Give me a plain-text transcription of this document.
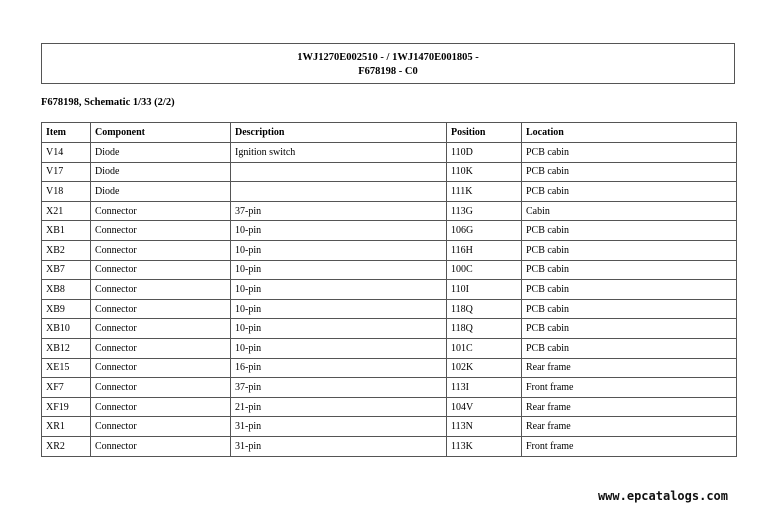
1WJ1270E002510 - / 1WJ1470E001805 -
F678198 - C0
F678198, Schematic 1/33 (2/2)
Item	Component	Description	Position	Location
V14	Diode	Ignition switch	110D	PCB cabin
V17	Diode		110K	PCB cabin
V18	Diode		111K	PCB cabin
X21	Connector	37-pin	113G	Cabin
XB1	Connector	10-pin	106G	PCB cabin
XB2	Connector	10-pin	116H	PCB cabin
XB7	Connector	10-pin	100C	PCB cabin
XB8	Connector	10-pin	110I	PCB cabin
XB9	Connector	10-pin	118Q	PCB cabin
XB10	Connector	10-pin	118Q	PCB cabin
XB12	Connector	10-pin	101C	PCB cabin
XE15	Connector	16-pin	102K	Rear frame
XF7	Connector	37-pin	113I	Front frame
XF19	Connector	21-pin	104V	Rear frame
XR1	Connector	31-pin	113N	Rear frame
XR2	Connector	31-pin	113K	Front frame
www.epcatalogs.com
